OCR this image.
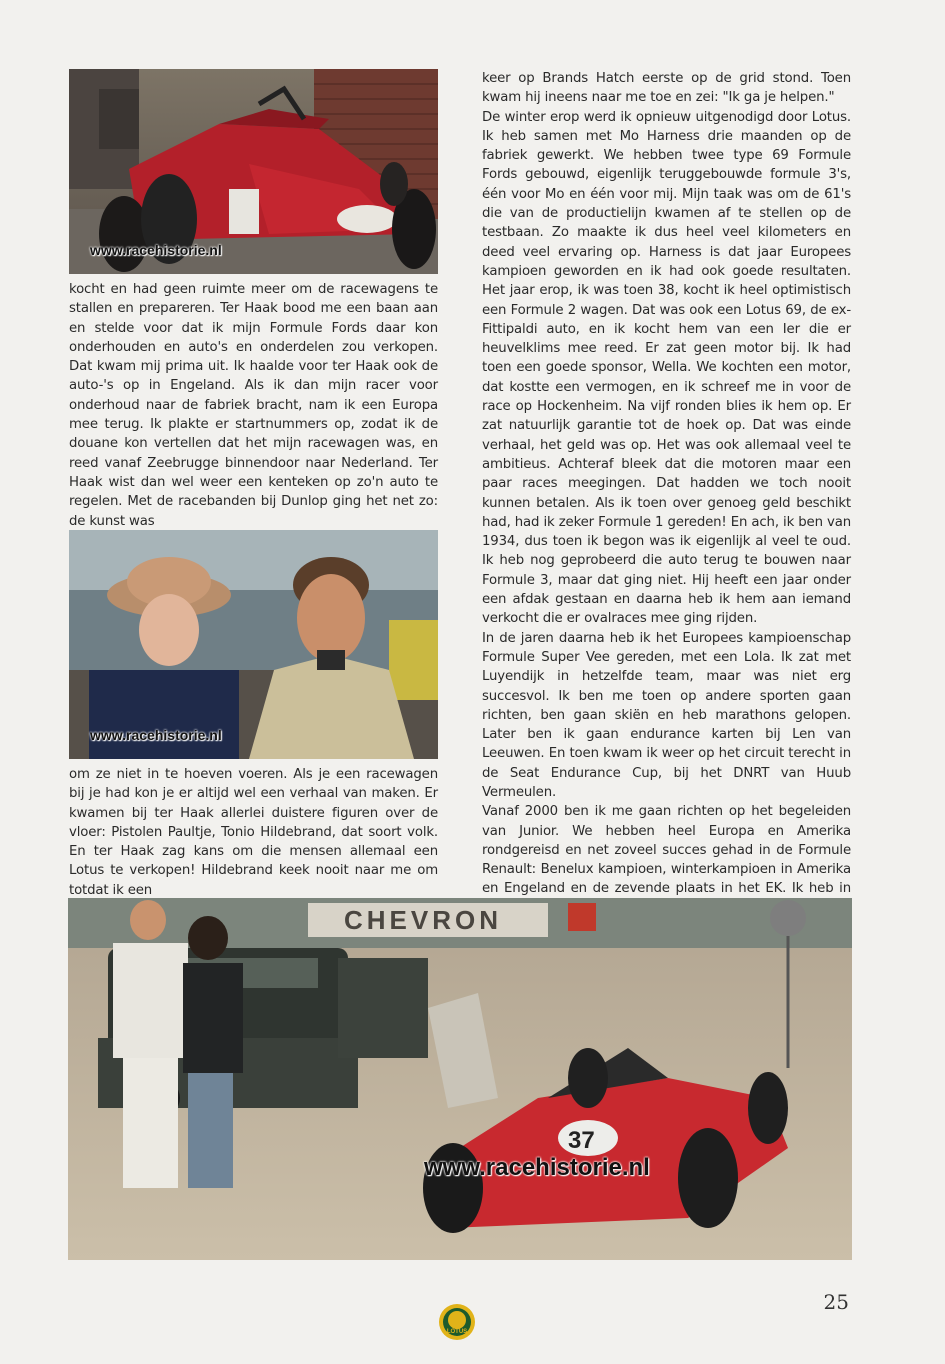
www.racehistorie.nl

kocht en had geen ruimte meer om de racewagens te stallen en prepareren. Ter Haak bood me een baan aan en stelde voor dat ik mijn Formule Fords daar kon onderhouden en auto's en onderdelen zou verkopen. Dat kwam mij prima uit. Ik haalde voor ter Haak ook de auto-'s op in Engeland. Als ik dan mijn racer voor onderhoud naar de fabriek bracht, nam ik een Europa mee terug. Ik plakte er startnummers op, zodat ik de douane kon vertellen dat het mijn racewagen was, en reed vanaf Zeebrugge binnendoor naar Nederland. Ter Haak wist dan wel weer een kenteken op zo'n auto te regelen. Met de racebanden bij Dunlop ging het net zo: de kunst was

www.racehistorie.nl

om ze niet in te hoeven voeren. Als je een racewagen bij je had kon je er altijd wel een verhaal van maken. Er kwamen bij ter Haak allerlei duistere figuren over de vloer: Pistolen Paultje, Tonio Hildebrand, dat soort volk. En ter Haak zag kans om die mensen allemaal een Lotus te verkopen! Hildebrand keek nooit naar me om totdat ik een

keer op Brands Hatch eerste op de grid stond. Toen kwam hij ineens naar me toe en zei: "Ik ga je helpen."

De winter erop werd ik opnieuw uitgenodigd door Lotus. Ik heb samen met Mo Harness drie maanden op de fabriek gewerkt. We hebben twee type 69 Formule Fords gebouwd, eigenlijk teruggebouwde formule 3's, één voor Mo en één voor mij. Mijn taak was om de 61's die van de productielijn kwamen af te stellen op de testbaan. Zo maakte ik dus heel veel kilometers en deed veel ervaring op. Harness is dat jaar Europees kampioen geworden en ik had ook goede resultaten. Het jaar erop, ik was toen 38, kocht ik heel optimistisch een Formule 2 wagen. Dat was ook een Lotus 69, de ex-Fittipaldi auto, en ik kocht hem van een Ier die er heuvelklims mee reed. Er zat geen motor bij. Ik had toen een goede sponsor, Wella. We kochten een motor, dat kostte een vermogen, en ik schreef me in voor de race op Hockenheim. Na vijf ronden blies ik hem op. Er zat natuurlijk garantie tot de hoek op. Dat was einde verhaal, het geld was op. Het was ook allemaal veel te ambitieus. Achteraf bleek dat die motoren maar een paar races meegingen. Dat hadden we toch nooit kunnen betalen. Als ik toen over genoeg geld beschikt had, had ik zeker Formule 1 gereden! En ach, ik ben van 1934, dus toen ik begon was ik eigenlijk al veel te oud. Ik heb nog geprobeerd die auto terug te bouwen naar Formule 3, maar dat ging niet. Hij heeft een jaar onder een afdak gestaan en daarna heb ik hem aan iemand verkocht die er ovalraces mee ging rijden.

In de jaren daarna heb ik het Europees kampioenschap Formule Super Vee gereden, met een Lola. Ik zat met Luyendijk in hetzelfde team, maar was niet erg succesvol. Ik ben me toen op andere sporten gaan richten, ben gaan skiën en heb marathons gelopen. Later ben ik gaan endurance karten bij Len van Leeuwen. En toen kwam ik weer op het circuit terecht in de Seat Endurance Cup, bij het DNRT van Huub Vermeulen.

Vanaf 2000 ben ik me gaan richten op het begeleiden van Junior. We hebben heel Europa en Amerika rondgereisd en net zoveel succes gehad in de Formule Renault: Benelux kampioen, winterkampioen in Amerika en Engeland en de zevende plaats in het EK. Ik heb in

CHEVRON
37
www.racehistorie.nl
LOTUS
25
